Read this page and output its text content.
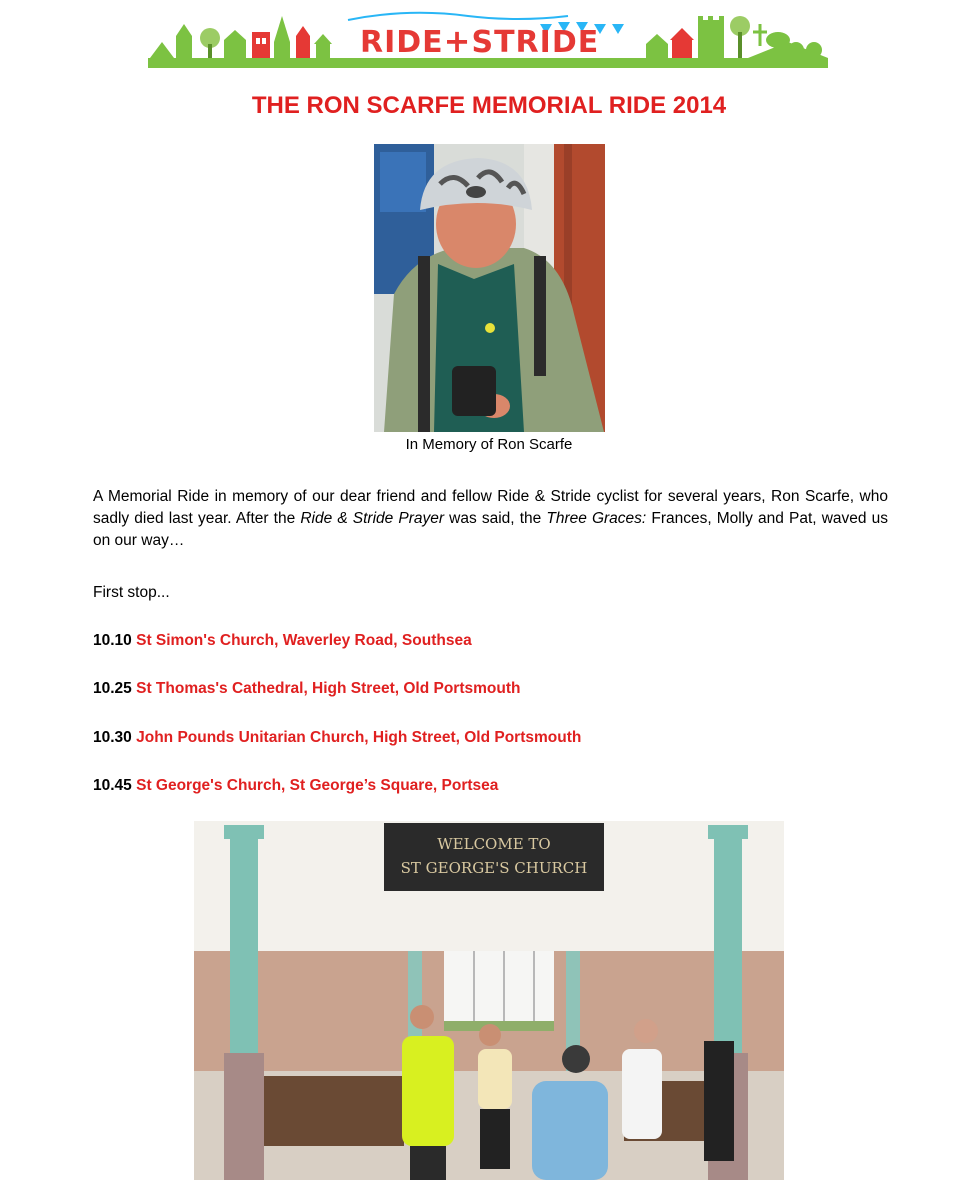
RIDE+STRIDE
THE RON SCARFE MEMORIAL RIDE 2014
In Memory of Ron Scarfe
A Memorial Ride in memory of our dear friend and fellow Ride & Stride cyclist for several years, Ron Scarfe, who sadly died last year. After the Ride & Stride Prayer was said, the Three Graces: Frances, Molly and Pat, waved us on our way…
First stop...
10.10 St Simon's Church, Waverley Road, Southsea
10.25 St Thomas's Cathedral, High Street, Old Portsmouth
10.30 John Pounds Unitarian Church, High Street, Old Portsmouth
10.45 St George's Church, St George’s Square, Portsea
WELCOME TO
ST GEORGE'S CHURCH
